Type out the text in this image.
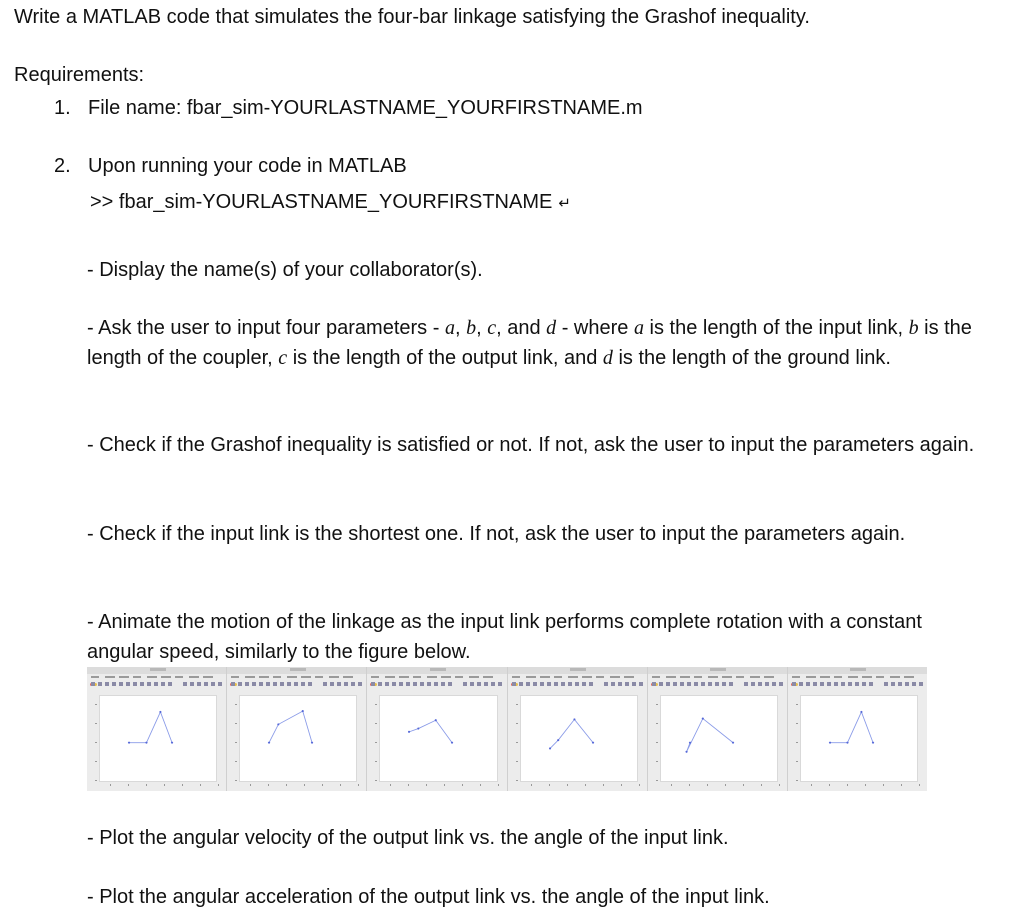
Write a MATLAB code that simulates the four-bar linkage satisfying the Grashof inequality.
Requirements:
1. File name: fbar_sim-YOURLASTNAME_YOURFIRSTNAME.m
2. Upon running your code in MATLAB
>> fbar_sim-YOURLASTNAME_YOURFIRSTNAME ↵
- Display the name(s) of your collaborator(s).
- Ask the user to input four parameters - a, b, c, and d - where a is the length of the input link, b is the length of the coupler, c is the length of the output link, and d is the length of the ground link.
- Check if the Grashof inequality is satisfied or not. If not, ask the user to input the parameters again.
- Check if the input link is the shortest one. If not, ask the user to input the parameters again.
- Animate the motion of the linkage as the input link performs complete rotation with a constant angular speed, similarly to the figure below.
- Plot the angular velocity of the output link vs. the angle of the input link.
- Plot the angular acceleration of the output link vs. the angle of the input link.
